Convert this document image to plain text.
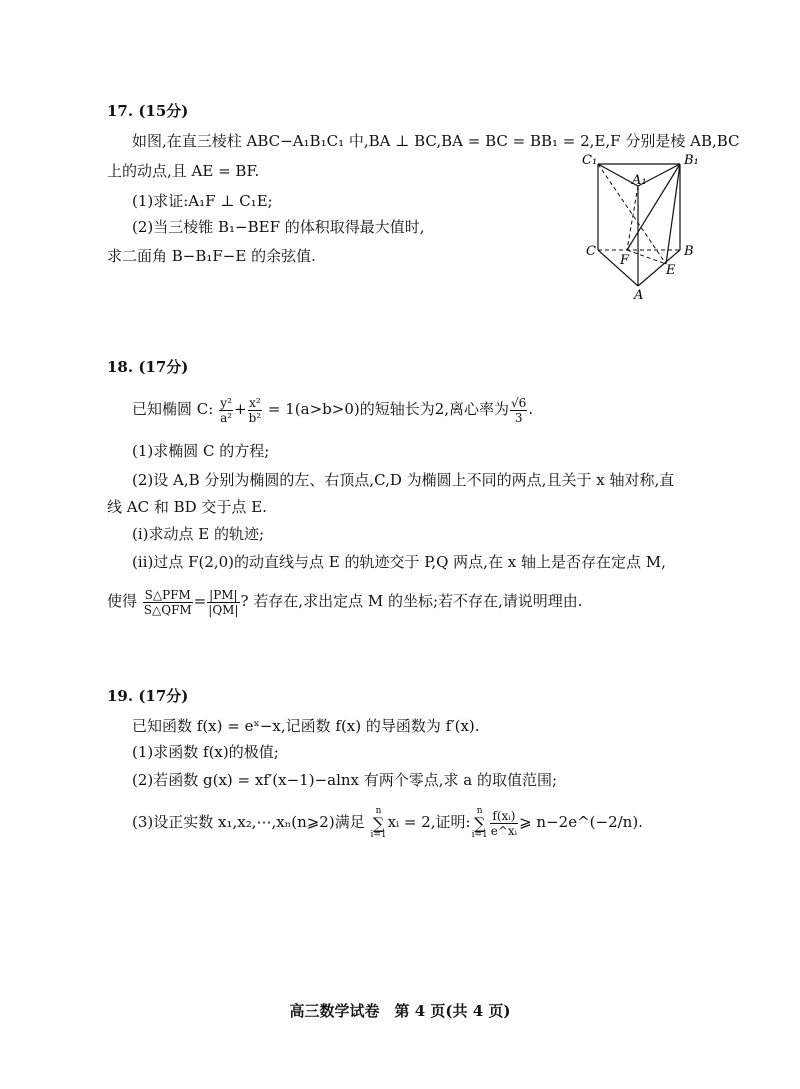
17. (15分)
如图,在直三棱柱 ABC−A₁B₁C₁ 中,BA ⊥ BC,BA = BC = BB₁ = 2,E,F 分别是棱 AB,BC
上的动点,且 AE = BF.
(1)求证:A₁F ⊥ C₁E;
(2)当三棱锥 B₁−BEF 的体积取得最大值时,
求二面角 B−B₁F−E 的余弦值.
C₁	B₁
A₁
C
F
B
E
A
18. (17分)
已知椭圆 C: $\frac{\text{y²}}{\text{a²}} + \frac{\text{x²}}{\text{b²}} = 1(a>b>0)$的短轴长为2,离心率为 $\frac{√6}{3}$ .
(1)求椭圆 C 的方程;
(2)设 A,B 分别为椭圆的左、右顶点,C,D 为椭圆上不同的两点,且关于 x 轴对称,直
线 AC 和 BD 交于点 E.
(ⅰ)求动点 E 的轨迹;
(ⅱ)过点 F(2,0)的动直线与点 E 的轨迹交于 P,Q 两点,在 x 轴上是否存在定点 M,
使得 $\frac{\text{S△PFM}}{\text{S△QFM}} = \frac{|PM|}{|QM|}$ ? 若存在,求出定点 M 的坐标;若不存在,请说明理由.
19. (17分)
已知函数 f(x) = eˣ−x,记函数 f(x) 的导函数为 f′(x).
(1)求函数 f(x)的极值;
(2)若函数 g(x) = xf′(x−1)−alnx 有两个零点,求 a 的取值范围;
(3)设正实数 x₁,x₂,⋯,xₙ(n⩾2)满足 n
∑
i=1xᵢ = 2,证明:n
∑
$i=1 \frac{\text{f(xᵢ)}}{\text{e\textasciicircum{}xᵢ}}$ ⩾ n−2e^(−2/n).
高三数学试卷　第 4 页(共 4 页)
